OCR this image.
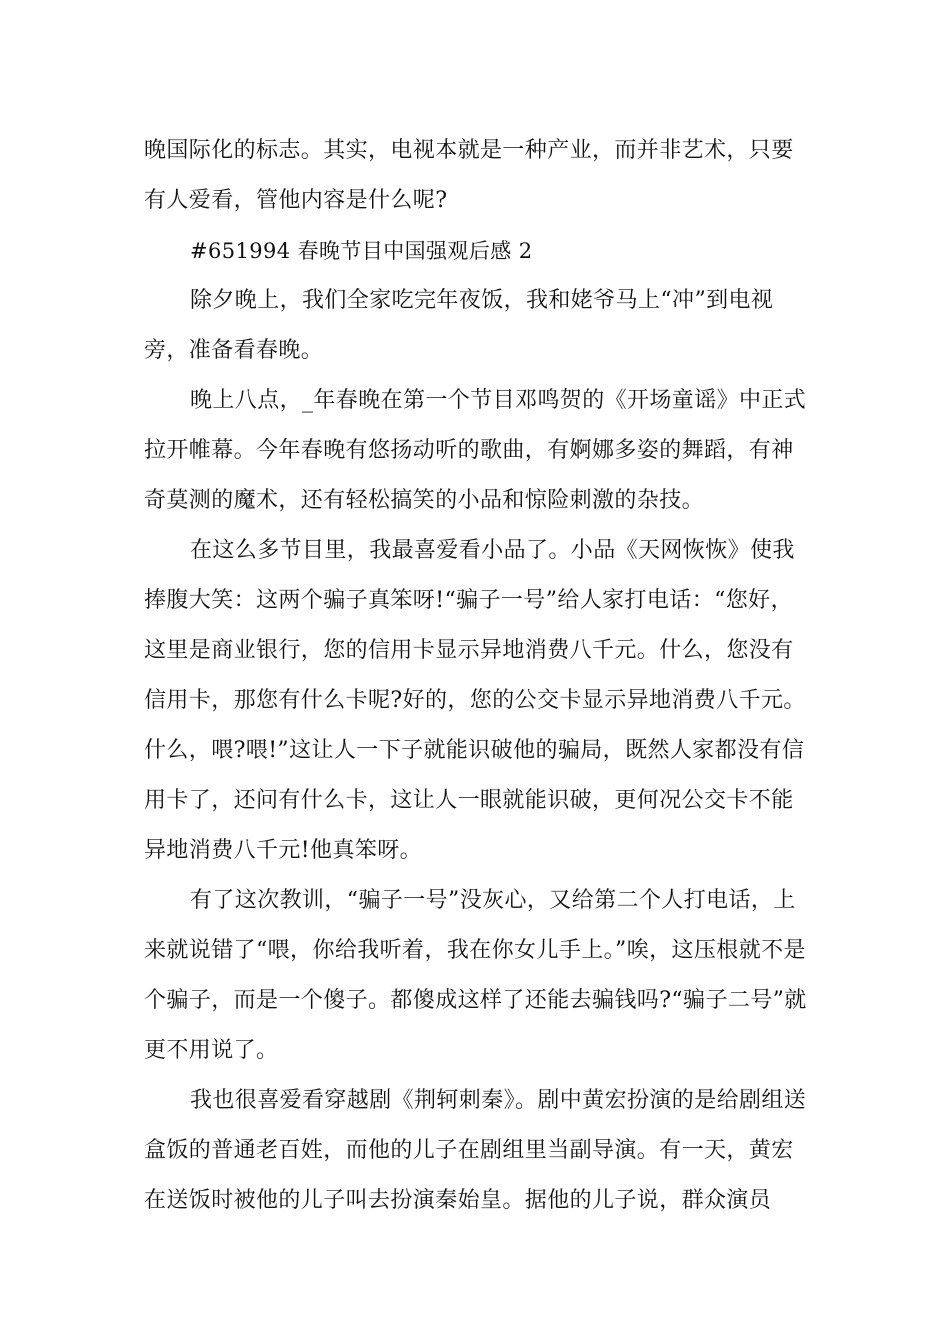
晚国际化的标志。其实，电视本就是一种产业，而并非艺术，只要有人爱看，管他内容是什么呢?

#651994 春晚节目中国强观后感 2

除夕晚上，我们全家吃完年夜饭，我和姥爷马上“冲”到电视旁，准备看春晚。

晚上八点，_年春晚在第一个节目邓鸣贺的《开场童谣》中正式拉开帷幕。今年春晚有悠扬动听的歌曲，有婀娜多姿的舞蹈，有神奇莫测的魔术，还有轻松搞笑的小品和惊险刺激的杂技。

在这么多节目里，我最喜爱看小品了。小品《天网恢恢》使我捧腹大笑：这两个骗子真笨呀!“骗子一号”给人家打电话：“您好，这里是商业银行，您的信用卡显示异地消费八千元。什么，您没有信用卡，那您有什么卡呢?好的，您的公交卡显示异地消费八千元。什么，喂?喂!”这让人一下子就能识破他的骗局，既然人家都没有信用卡了，还问有什么卡，这让人一眼就能识破，更何况公交卡不能异地消费八千元!他真笨呀。

有了这次教训，“骗子一号”没灰心，又给第二个人打电话，上来就说错了“喂，你给我听着，我在你女儿手上。”唉，这压根就不是个骗子，而是一个傻子。都傻成这样了还能去骗钱吗?“骗子二号”就更不用说了。

我也很喜爱看穿越剧《荆轲刺秦》。剧中黄宏扮演的是给剧组送盒饭的普通老百姓，而他的儿子在剧组里当副导演。有一天，黄宏在送饭时被他的儿子叫去扮演秦始皇。据他的儿子说，群众演员
